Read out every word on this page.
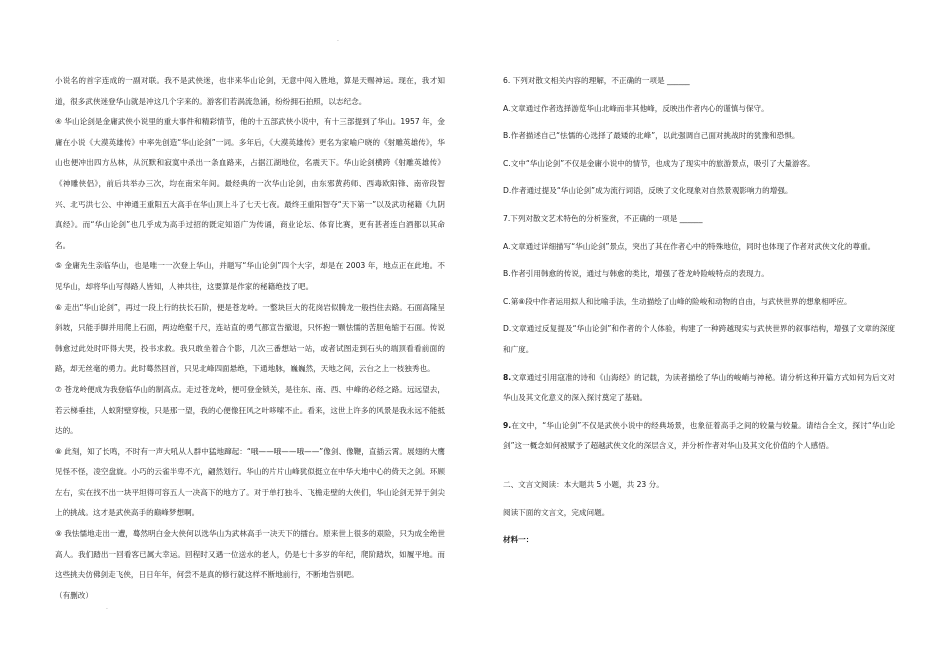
.

小说名的首字连成的一副对联。我不是武侠迷，也非来华山论剑，无意中闯入胜地，算是天赐神运。现在，我才知道，很多武侠迷登华山就是冲这几个字来的。游客们若涡流急涌，纷纷拥石拍照，以志纪念。

④ 华山论剑是金庸武侠小说里的重大事件和精彩情节，他的十五部武侠小说中，有十三部提到了华山。1957 年，金庸在小说《大漠英雄传》中率先创造“华山论剑”一词。多年后，《大漠英雄传》更名为家喻户晓的《射雕英雄传》，华山也便冲出四方丛林，从沉默和寂寞中杀出一条血路来，占据江湖地位，名震天下。华山论剑横跨《射雕英雄传》《神雕侠侣》，前后共举办三次，均在南宋年间。最经典的一次华山论剑，由东邪黄药师、西毒欧阳锋、南帝段智兴、北丐洪七公、中神通王重阳五大高手在华山顶上斗了七天七夜。最终王重阳智夺“天下第一”以及武功秘籍《九阴真经》。而“华山论剑”也几乎成为高手过招的既定知语广为传诵，商业论坛、体育比赛，更有甚者连白酒都以其命名。

⑤ 金庸先生亲临华山，也是唯一一次登上华山，并题写“华山论剑”四个大字，却是在 2003 年，地点正在此地。不见华山，却将华山写得路人皆知，人神共往，这要算是作家的秘籍绝技了吧。

⑥ 走出“华山论剑”，再过一段上行的扶长石阶，便是苍龙岭。一整块巨大的花岗岩似腾龙一般挡住去路。石面高隆呈斜坡，只能手脚并用爬上石面，两边绝壑千尺，连站直的勇气都宣告撤退，只怀抱一颗怯懦的苦胆龟缩于石面。传说韩愈过此处时吓得大哭，投书求救。我只敢坐着合个影，几次三番想站一站，或者试图走到石头的端顶看看前面的路，却无丝毫的勇力。此时蓦然回首，只见北峰四面悬绝，下通地脉，巍巍然，天地之间，云台之上一枝独秀也。

⑦ 苍龙岭便成为我登临华山的制高点。走过苍龙岭，便可登金锁关，是往东、南、西、中峰的必经之路。远远望去，若云梯垂挂，人蚁附壁穿梭，只是那一望，我的心便像狂风之叶哆嗦不止。看来，这世上许多的风景是我永远不能抵达的。

⑧ 此刻，知了长鸣，不时有一声大吼从人群中猛地蹿起：“哦——哦——哦——”像剑、像鞭，直插云霄。展翅的大鹰见怪不怪，凌空盘旋。小巧的云雀半卑不亢，翩然划行。华山的片片山峰犹似挺立在中华大地中心的倚天之剑。环顾左右，实在找不出一块平坦得可容五人一决高下的地方了。对于单打独斗、飞檐走壁的大侠们，华山论剑无异于剑尖上的挑战。这才是武侠高手的巅峰梦想啊。

⑨ 我怯懦地走出一遭，蓦然明白金大侠何以选华山为武林高手一决天下的擂台。原来世上很多的艰险，只为成全绝世高人。我们踏出一回看客已属大幸运。回程时又遇一位送水的老人，仍是七十多岁的年纪，爬阶踏坎，如履平地。而这些挑夫仿佛剑走飞侠，日日年年，何尝不是真的修行就这样不断地前行，不断地告别吧。

（有删改）

6. 下列对散文相关内容的理解，不正确的一项是 ______

A.文章通过作者选择游览华山北峰而非其他峰，反映出作者内心的谨慎与保守。

B.作者描述自己“怯懦的心选择了最矮的北峰”，以此强调自己面对挑战时的犹豫和恐惧。

C.文中“华山论剑”不仅是金庸小说中的情节，也成为了现实中的旅游景点，吸引了大量游客。

D.作者通过提及“华山论剑”成为流行词语，反映了文化现象对自然景观影响力的增强。

7.下列对散文艺术特色的分析鉴赏，不正确的一项是 ______

A.文章通过详细描写“华山论剑”景点，突出了其在作者心中的特殊地位，同时也体现了作者对武侠文化的尊重。

B.作者引用韩愈的传说，通过与韩愈的类比，增强了苍龙岭险峻特点的表现力。

C.第⑧段中作者运用拟人和比喻手法，生动描绘了山峰的险峻和动物的自由，与武侠世界的想象相呼应。

D.文章通过反复提及“华山论剑”和作者的个人体验，构建了一种跨越现实与武侠世界的叙事结构，增强了文章的深度和广度。

8.文章通过引用寇准的诗和《山海经》的记载，为读者描绘了华山的峻峭与神秘。请分析这种开篇方式如何为后文对华山及其文化意义的深入探讨奠定了基础。

9.在文中，“华山论剑”不仅是武侠小说中的经典场景，也象征着高手之间的较量与较量。请结合全文，探讨“华山论剑”这一概念如何被赋予了超越武侠文化的深层含义，并分析作者对华山及其文化价值的个人感悟。

二、文言文阅读：本大题共 5 小题，共 23 分。

阅读下面的文言文，完成问题。

材料一：

.
